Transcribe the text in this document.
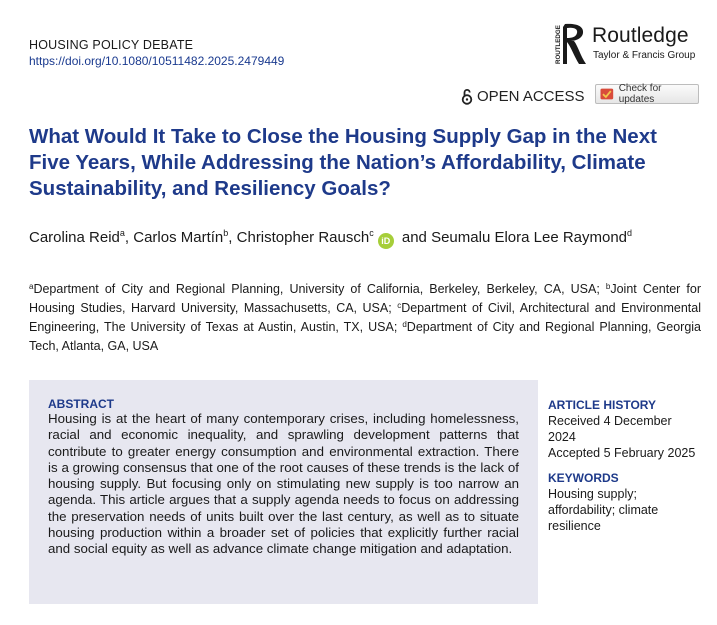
HOUSING POLICY DEBATE
https://doi.org/10.1080/10511482.2025.2479449	ROUTLEDGE Routledge
Taylor & Francis Group
OPEN ACCESS	Check for updates
What Would It Take to Close the Housing Supply Gap in the Next Five Years, While Addressing the Nation’s Affordability, Climate Sustainability, and Resiliency Goals?
Carolina Reid$^a$, Carlos Martín$^b$, Christopher Rausch$^c$iD and Seumalu Elora Lee Raymond$^d$
$^a$Department of City and Regional Planning, University of California, Berkeley, Berkeley, CA, USA; $^b$Joint Center for Housing Studies, Harvard University, Massachusetts, CA, USA; $^c$Department of Civil, Architectural and Environmental Engineering, The University of Texas at Austin, Austin, TX, USA; $^d$Department of City and Regional Planning, Georgia Tech, Atlanta, GA, USA
ABSTRACT
Housing is at the heart of many contemporary crises, including homelessness, racial and economic inequality, and sprawling development patterns that contribute to greater energy consumption and environmental extraction. There is a growing consensus that one of the root causes of these trends is the lack of housing supply. But focusing only on stimulating new supply is too narrow an agenda. This article argues that a supply agenda needs to focus on addressing the preservation needs of units built over the last century, as well as to situate housing production within a broader set of policies that explicitly further racial and social equity as well as advance climate change mitigation and adaptation.
ARTICLE HISTORY
Received 4 December 2024
Accepted 5 February 2025
KEYWORDS
Housing supply; affordability; climate resilience
